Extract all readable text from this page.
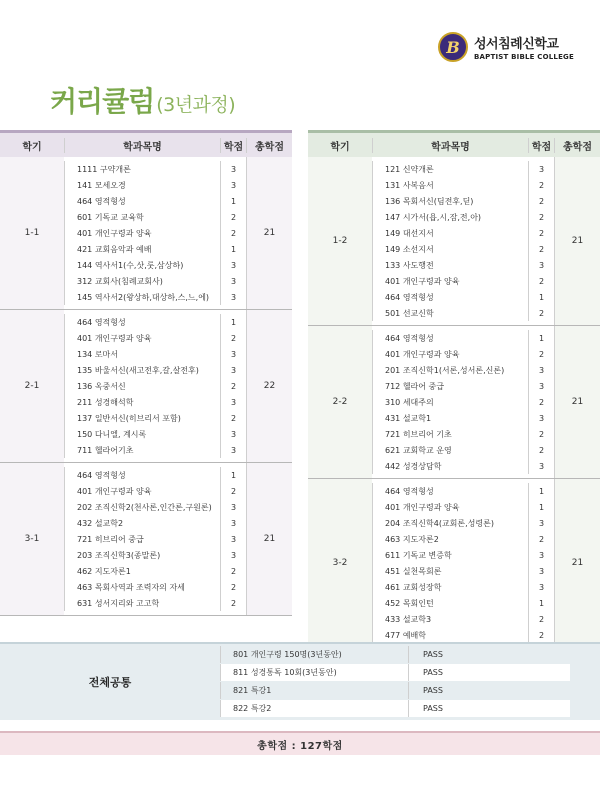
B	성서침례신학교
BAPTIST BIBLE COLLEGE
커리큘럼 (3년과정)
학기	학과목명	학점	총학점
1-1
1111 구약개론	3
141 모세오경	3
464 영적형성	1
601 기독교 교육학	2
401 개인구령과 양육	2
421 교회음악과 예배	1
144 역사서1(수,삿,룻,삼상하)	3
312 교회사(침례교회사)	3
145 역사서2(왕상하,대상하,스,느,에)	3
21
2-1
464 영적형성	1
401 개인구령과 양육	2
134 로마서	3
135 바울서신(새고전후,갈,살전후)	3
136 옥중서신	2
211 성경해석학	3
137 일반서신(히브리서 포함)	2
150 다니엘, 계시록	3
711 헬라어기초	3
22
3-1
464 영적형성	1
401 개인구령과 양육	2
202 조직신학2(천사론,인간론,구원론)	3
432 설교학2	3
721 히브리어 중급	3
203 조직신학3(종말론)	3
462 지도자론1	2
463 목회사역과 조력자의 자세	2
631 성서지리와 고고학	2
21
학기	학과목명	학점	총학점
1-2
121 신약개론	3
131 사복음서	2
136 목회서신(딤전후,딛)	2
147 시가서(욥,시,잠,전,아)	2
149 대선지서	2
149 소선지서	2
133 사도행전	3
401 개인구령과 양육	2
464 영적형성	1
501 선교신학	2
21
2-2
464 영적형성	1
401 개인구령과 양육	2
201 조직신학1(서론,성서론,신론)	3
712 헬라어 중급	3
310 세대주의	2
431 설교학1	3
721 히브리어 기초	2
621 교회학교 운영	2
442 성경상담학	3
21
3-2
464 영적형성	1
401 개인구령과 양육	1
204 조직신학4(교회론,성령론)	3
463 지도자론2	2
611 기독교 변증학	3
451 실천목회론	3
461 교회성장학	3
452 목회인턴	1
433 설교학3	2
477 예배학	2
21
전체공통
801 개인구령 150명(3년동안)	PASS
811 성경통독 10회(3년동안)	PASS
821 특강1	PASS
822 특강2	PASS
총학점 : 127학점
